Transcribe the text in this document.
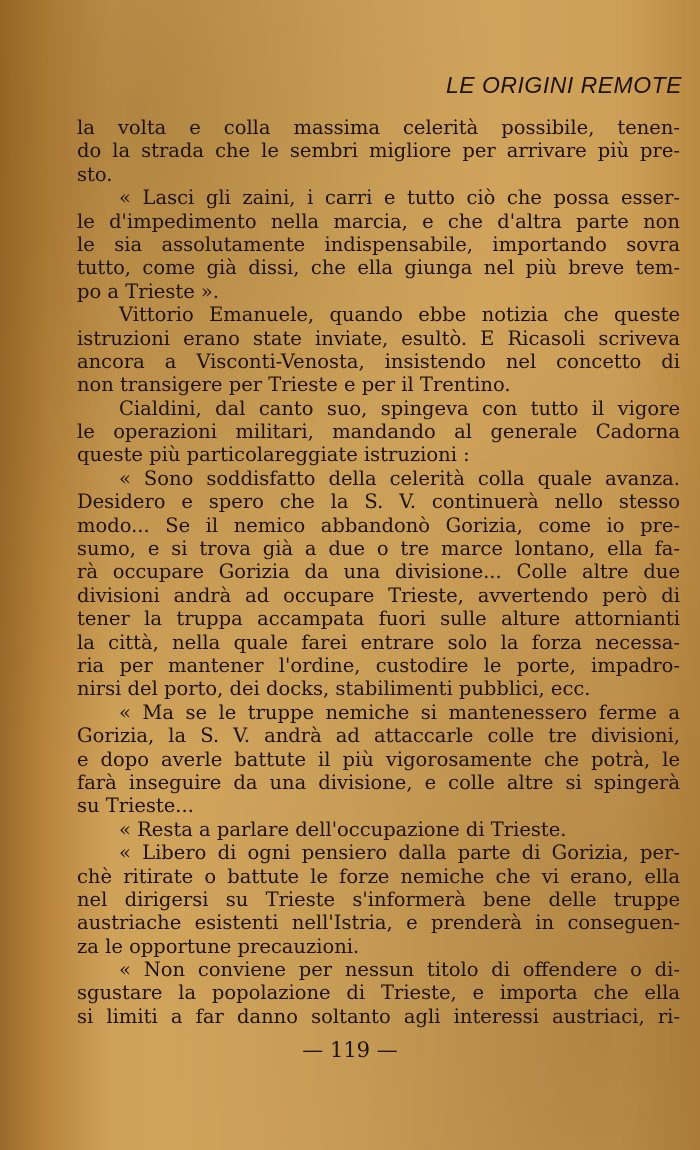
LE ORIGINI REMOTE
la volta e colla massima celerità possibile, tenen-
do la strada che le sembri migliore per arrivare più pre-
sto.
« Lasci gli zaini, i carri e tutto ciò che possa esser-
le d'impedimento nella marcia, e che d'altra parte non
le sia assolutamente indispensabile, importando sovra
tutto, come già dissi, che ella giunga nel più breve tem-
po a Trieste ».
Vittorio Emanuele, quando ebbe notizia che queste
istruzioni erano state inviate, esultò. E Ricasoli scriveva
ancora a Visconti-Venosta, insistendo nel concetto di
non transigere per Trieste e per il Trentino.
Cialdini, dal canto suo, spingeva con tutto il vigore
le operazioni militari, mandando al generale Cadorna
queste più particolareggiate istruzioni :
« Sono soddisfatto della celerità colla quale avanza.
Desidero e spero che la S. V. continuerà nello stesso
modo... Se il nemico abbandonò Gorizia, come io pre-
sumo, e si trova già a due o tre marce lontano, ella fa-
rà occupare Gorizia da una divisione... Colle altre due
divisioni andrà ad occupare Trieste, avvertendo però di
tener la truppa accampata fuori sulle alture attornianti
la città, nella quale farei entrare solo la forza necessa-
ria per mantener l'ordine, custodire le porte, impadro-
nirsi del porto, dei docks, stabilimenti pubblici, ecc.
« Ma se le truppe nemiche si mantenessero ferme a
Gorizia, la S. V. andrà ad attaccarle colle tre divisioni,
e dopo averle battute il più vigorosamente che potrà, le
farà inseguire da una divisione, e colle altre si spingerà
su Trieste...
« Resta a parlare dell'occupazione di Trieste.
« Libero di ogni pensiero dalla parte di Gorizia, per-
chè ritirate o battute le forze nemiche che vi erano, ella
nel dirigersi su Trieste s'informerà bene delle truppe
austriache esistenti nell'Istria, e prenderà in conseguen-
za le opportune precauzioni.
« Non conviene per nessun titolo di offendere o di-
sgustare la popolazione di Trieste, e importa che ella
si limiti a far danno soltanto agli interessi austriaci, ri-
— 119 —
